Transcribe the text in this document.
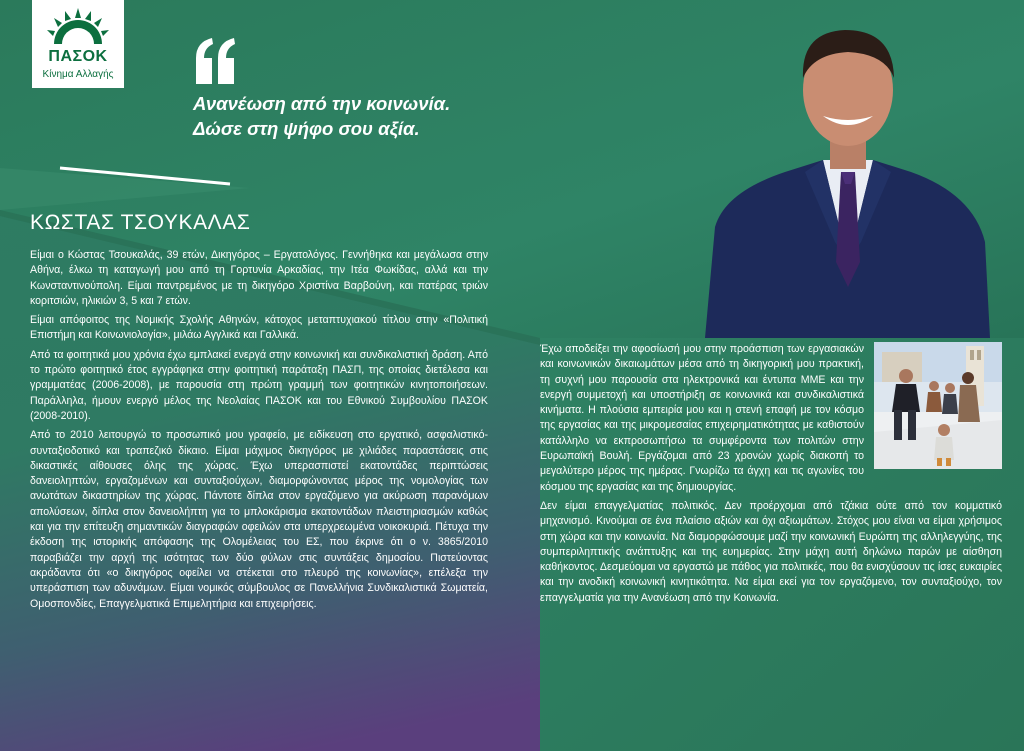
ΠΑΣΟΚ
Κίνημα Αλλαγής
Ανανέωση από την κοινωνία.
Δώσε στη ψήφο σου αξία.
ΚΩΣΤΑΣ ΤΣΟΥΚΑΛΑΣ

Είμαι ο Κώστας Τσουκαλάς, 39 ετών, Δικηγόρος – Εργατολόγος. Γεννήθηκα και μεγάλωσα στην Αθήνα, έλκω τη καταγωγή μου από τη Γορτυνία Αρκαδίας, την Ιτέα Φωκίδας, αλλά και την Κωνσταντινούπολη. Είμαι παντρεμένος με τη δικηγόρο Χριστίνα Βαρβούνη, και πατέρας τριών κοριτσιών, ηλικιών 3, 5 και 7 ετών.

Είμαι απόφοιτος της Νομικής Σχολής Αθηνών, κάτοχος μεταπτυχιακού τίτλου στην «Πολιτική Επιστήμη και Κοινωνιολογία», μιλάω Αγγλικά και Γαλλικά.

Από τα φοιτητικά μου χρόνια έχω εμπλακεί ενεργά στην κοινωνική και συνδικαλιστική δράση. Από το πρώτο φοιτητικό έτος εγγράφηκα στην φοιτητική παράταξη ΠΑΣΠ, της οποίας διετέλεσα και γραμματέας (2006-2008), με παρουσία στη πρώτη γραμμή των φοιτητικών κινητοποιήσεων. Παράλληλα, ήμουν ενεργό μέλος της Νεολαίας ΠΑΣΟΚ και του Εθνικού Συμβουλίου ΠΑΣΟΚ (2008-2010).

Από το 2010 λειτουργώ το προσωπικό μου γραφείο, με ειδίκευση στο εργατικό, ασφαλιστικό-συνταξιοδοτικό και τραπεζικό δίκαιο. Είμαι μάχιμος δικηγόρος με χιλιάδες παραστάσεις στις δικαστικές αίθουσες όλης της χώρας. Έχω υπερασπιστεί εκατοντάδες περιπτώσεις δανειοληπτών, εργαζομένων και συνταξιούχων, διαμορφώνοντας μέρος της νομολογίας των ανωτάτων δικαστηρίων της χώρας. Πάντοτε δίπλα στον εργαζόμενο για ακύρωση παρανόμων απολύσεων, δίπλα στον δανειολήπτη για το μπλοκάρισμα εκατοντάδων πλειστηριασμών καθώς και για την επίτευξη σημαντικών διαγραφών οφειλών στα υπερχρεωμένα νοικοκυριά. Πέτυχα την έκδοση της ιστορικής απόφασης της Ολομέλειας του ΕΣ, που έκρινε ότι ο ν. 3865/2010 παραβιάζει την αρχή της ισότητας των δύο φύλων στις συντάξεις δημοσίου. Πιστεύοντας ακράδαντα ότι «ο δικηγόρος οφείλει να στέκεται στο πλευρό της κοινωνίας», επέλεξα την υπεράσπιση των αδυνάμων. Είμαι νομικός σύμβουλος σε Πανελλήνια Συνδικαλιστικά Σωματεία, Ομοσπονδίες, Επαγγελματικά Επιμελητήρια και επιχειρήσεις.

Έχω αποδείξει την αφοσίωσή μου στην προάσπιση των εργασιακών και κοινωνικών δικαιωμάτων μέσα από τη δικηγορική μου πρακτική, τη συχνή μου παρουσία στα ηλεκτρονικά και έντυπα ΜΜΕ και την ενεργή συμμετοχή και υποστήριξη σε κοινωνικά και συνδικαλιστικά κινήματα. Η πλούσια εμπειρία μου και η στενή επαφή με τον κόσμο της εργασίας και της μικρομεσαίας επιχειρηματικότητας με καθιστούν κατάλληλο να εκπροσωπήσω τα συμφέροντα των πολιτών στην Ευρωπαϊκή Βουλή. Εργάζομαι από 23 χρονών χωρίς διακοπή το μεγαλύτερο μέρος της ημέρας. Γνωρίζω τα άγχη και τις αγωνίες του κόσμου της εργασίας και της δημιουργίας.

Δεν είμαι επαγγελματίας πολιτικός. Δεν προέρχομαι από τζάκια ούτε από τον κομματικό μηχανισμό. Κινούμαι σε ένα πλαίσιο αξιών και όχι αξιωμάτων. Στόχος μου είναι να είμαι χρήσιμος στη χώρα και την κοινωνία. Να διαμορφώσουμε μαζί την κοινωνική Ευρώπη της αλληλεγγύης, της συμπεριληπτικής ανάπτυξης και της ευημερίας. Στην μάχη αυτή δηλώνω παρών με αίσθηση καθήκοντος. Δεσμεύομαι να εργαστώ με πάθος για πολιτικές, που θα ενισχύσουν τις ίσες ευκαιρίες και την ανοδική κοινωνική κινητικότητα. Να είμαι εκεί για τον εργαζόμενο, τον συνταξιούχο, τον επαγγελματία για την Ανανέωση από την Κοινωνία.
